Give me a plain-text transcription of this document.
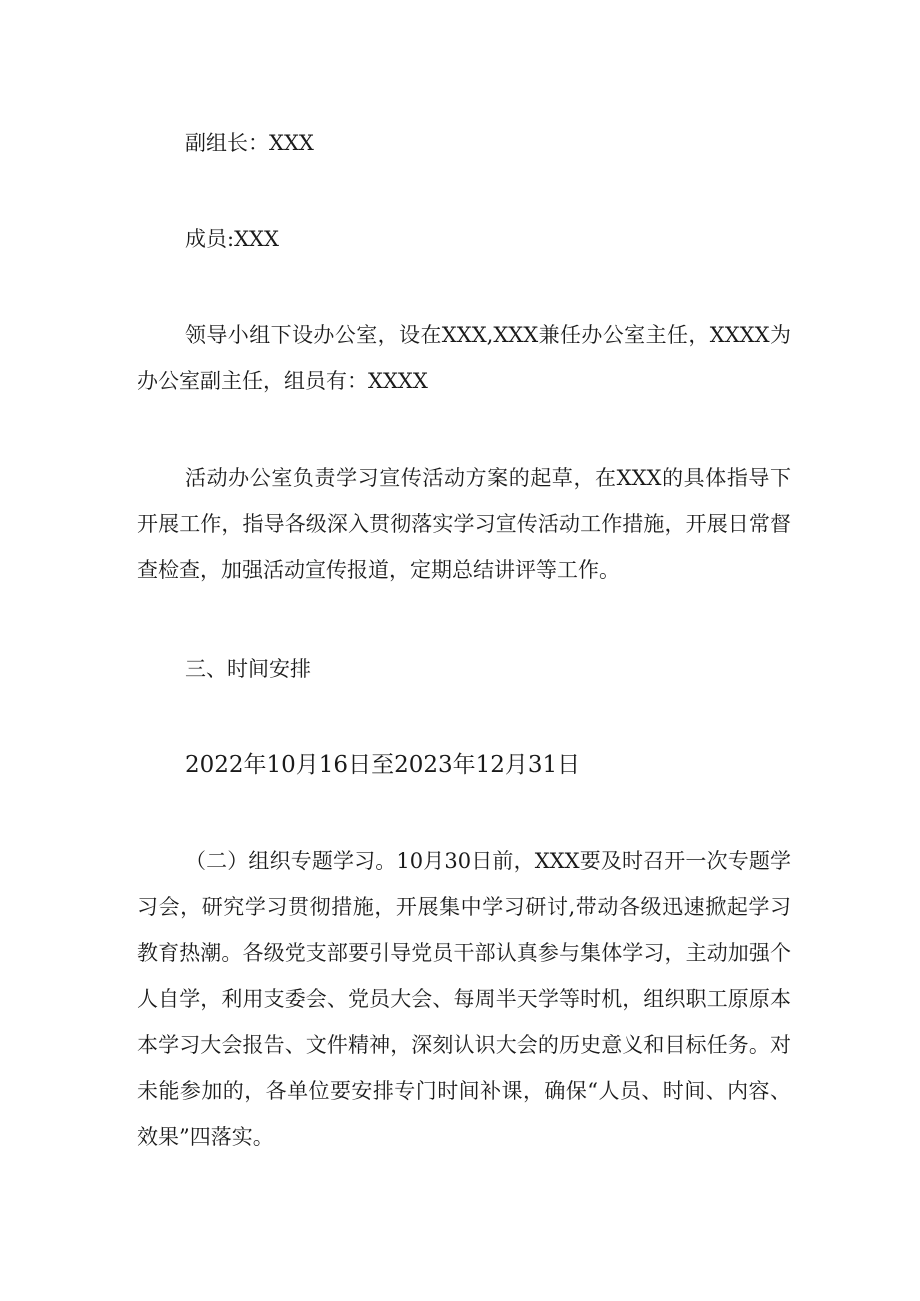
副组长：XXX
成员:XXX
领导小组下设办公室，设在XXX,XXX兼任办公室主任，XXXX为办公室副主任，组员有：XXXX
活动办公室负责学习宣传活动方案的起草，在XXX的具体指导下开展工作，指导各级深入贯彻落实学习宣传活动工作措施，开展日常督查检查，加强活动宣传报道，定期总结讲评等工作。
三、时间安排
2022年10月16日至2023年12月31日
（二）组织专题学习。10月30日前，XXX要及时召开一次专题学习会，研究学习贯彻措施，开展集中学习研讨,带动各级迅速掀起学习教育热潮。各级党支部要引导党员干部认真参与集体学习，主动加强个人自学，利用支委会、党员大会、每周半天学等时机，组织职工原原本本学习大会报告、文件精神，深刻认识大会的历史意义和目标任务。对未能参加的，各单位要安排专门时间补课，确保“人员、时间、内容、效果”四落实。
